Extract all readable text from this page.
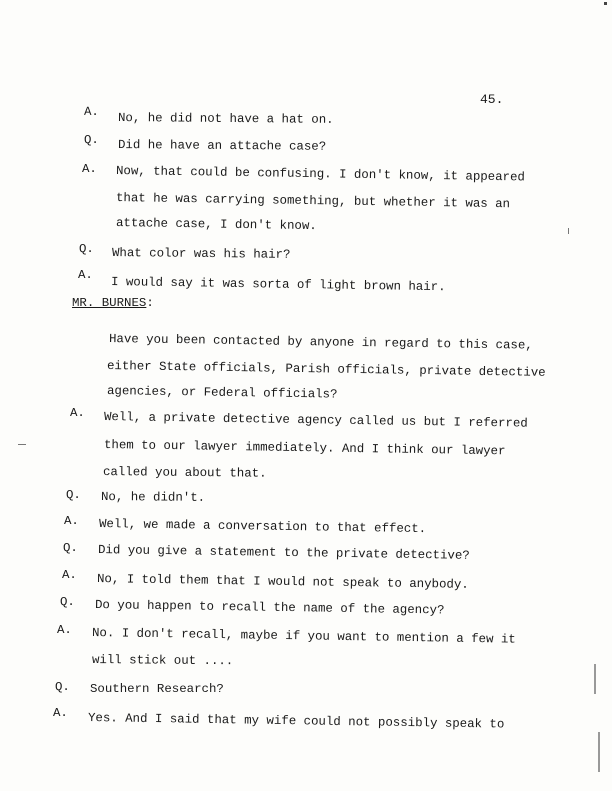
45.
A. No, he did not have a hat on.
Q. Did he have an attache case?
A. Now, that could be confusing. I don't know, it appeared
that he was carrying something, but whether it was an
attache case, I don't know.
Q. What color was his hair?
A.
I would say it was sorta of light brown hair.
MR. BURNES:
Have you been contacted by anyone in regard to this case,
either State officials, Parish officials, private detective
agencies, or Federal officials?
A. Well, a private detective agency called us but I referred
them to our lawyer immediately. And I think our lawyer
called you about that.
Q. No, he didn't.
A. Well, we made a conversation to that effect.
Q. Did you give a statement to the private detective?
A. No, I told them that I would not speak to anybody.
Q. Do you happen to recall the name of the agency?
A. No. I don't recall, maybe if you want to mention a few it
will stick out ....
Q. Southern Research?
A. Yes. And I said that my wife could not possibly speak to
